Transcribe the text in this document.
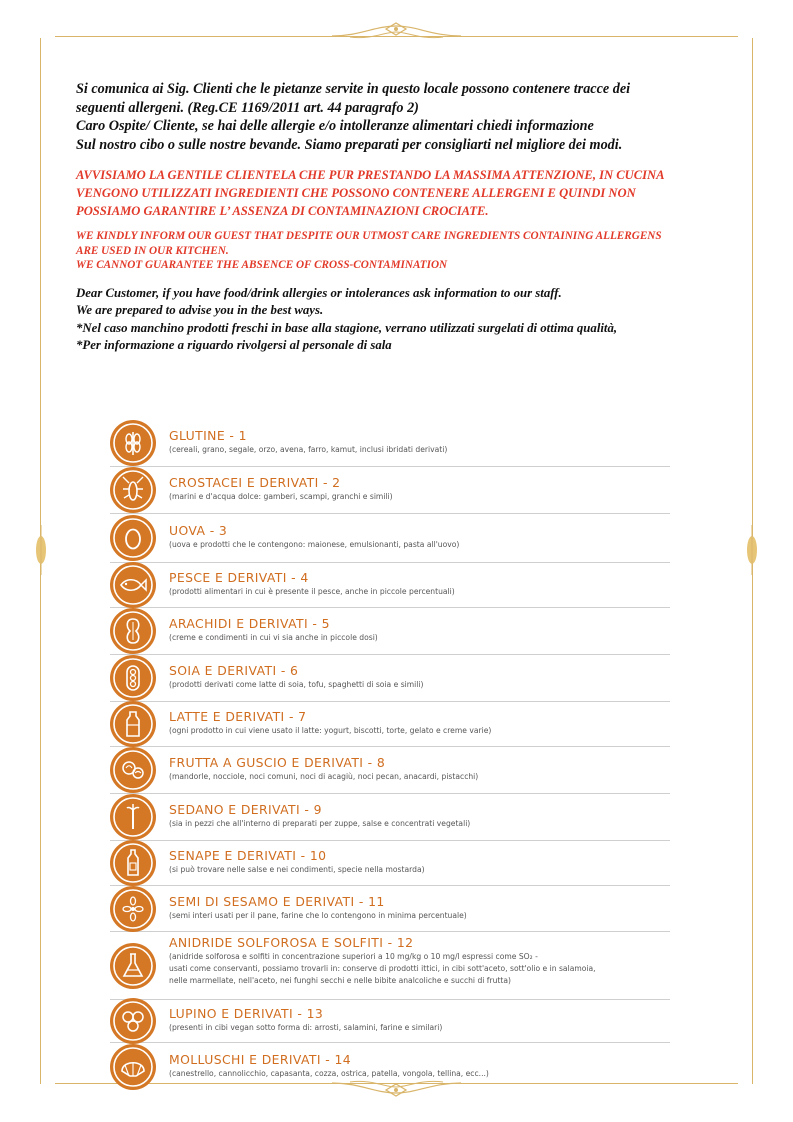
Si comunica ai Sig. Clienti che le pietanze servite in questo locale possono contenere tracce dei

seguenti allergeni. (Reg.CE 1169/2011 art. 44 paragrafo 2)

Caro Ospite/ Cliente, se hai delle allergie e/o intolleranze alimentari chiedi informazione

Sul nostro cibo o sulle nostre bevande. Siamo preparati per consigliarti nel migliore dei modi.

AVVISIAMO LA GENTILE CLIENTELA CHE PUR PRESTANDO LA MASSIMA ATTENZIONE, IN CUCINA

VENGONO UTILIZZATI INGREDIENTI CHE POSSONO CONTENERE ALLERGENI E QUINDI NON

POSSIAMO GARANTIRE L’ ASSENZA DI CONTAMINAZIONI CROCIATE.

WE KINDLY INFORM OUR GUEST THAT DESPITE OUR UTMOST CARE INGREDIENTS CONTAINING ALLERGENS

ARE USED IN OUR KITCHEN.

WE CANNOT GUARANTEE THE ABSENCE OF CROSS-CONTAMINATION

Dear Customer, if you have food/drink allergies or intolerances ask information to our staff.

We are prepared to advise you in the best ways.

*Nel caso manchino prodotti freschi in base alla stagione, verrano utilizzati surgelati di ottima qualità,

*Per informazione a riguardo rivolgersi al personale di sala

GLUTINE - 1
(cereali, grano, segale, orzo, avena, farro, kamut, inclusi ibridati derivati)
CROSTACEI E DERIVATI - 2
(marini e d'acqua dolce: gamberi, scampi, granchi e simili)
UOVA - 3
(uova e prodotti che le contengono: maionese, emulsionanti, pasta all'uovo)
PESCE E DERIVATI - 4
(prodotti alimentari in cui è presente il pesce, anche in piccole percentuali)
ARACHIDI E DERIVATI - 5
(creme e condimenti in cui vi sia anche in piccole dosi)
SOIA E DERIVATI - 6
(prodotti derivati come latte di soia, tofu, spaghetti di soia e simili)
LATTE E DERIVATI - 7
(ogni prodotto in cui viene usato il latte: yogurt, biscotti, torte, gelato e creme varie)
FRUTTA A GUSCIO E DERIVATI - 8
(mandorle, nocciole, noci comuni, noci di acagiù, noci pecan, anacardi, pistacchi)
SEDANO E DERIVATI - 9
(sia in pezzi che all'interno di preparati per zuppe, salse e concentrati vegetali)
SENAPE E DERIVATI - 10
(si può trovare nelle salse e nei condimenti, specie nella mostarda)
SEMI DI SESAMO E DERIVATI - 11
(semi interi usati per il pane, farine che lo contengono in minima percentuale)
ANIDRIDE SOLFOROSA E SOLFITI - 12
(anidride solforosa e solfiti in concentrazione superiori a 10 mg/kg o 10 mg/l espressi come SO₂ -
usati come conservanti, possiamo trovarli in: conserve di prodotti ittici, in cibi sott'aceto, sott'olio e in salamoia,
nelle marmellate, nell'aceto, nei funghi secchi e nelle bibite analcoliche e succhi di frutta)
LUPINO E DERIVATI - 13
(presenti in cibi vegan sotto forma di: arrosti, salamini, farine e similari)
MOLLUSCHI E DERIVATI - 14
(canestrello, cannolicchio, capasanta, cozza, ostrica, patella, vongola, tellina, ecc...)
